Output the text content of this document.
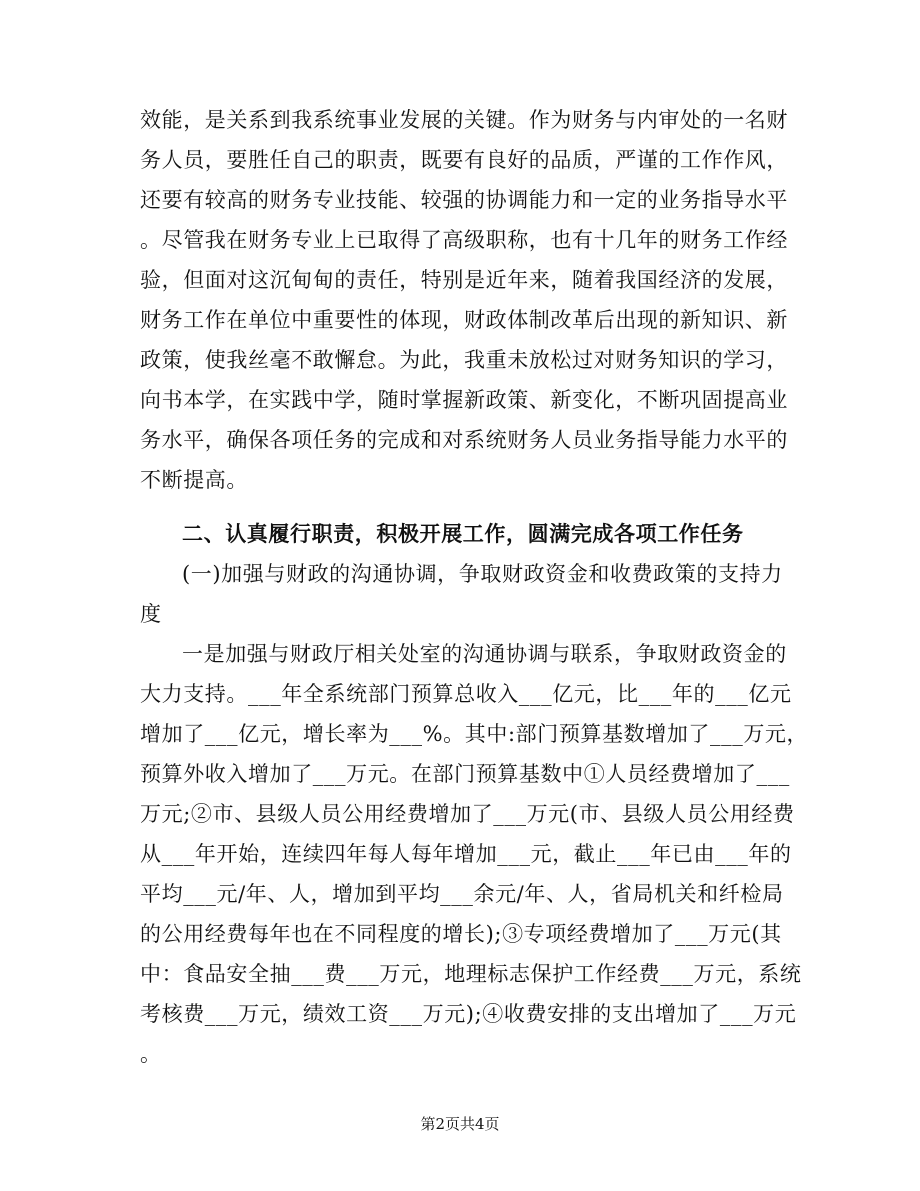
效能，是关系到我系统事业发展的关键。作为财务与内审处的一名财
务人员，要胜任自己的职责，既要有良好的品质，严谨的工作作风，
还要有较高的财务专业技能、较强的协调能力和一定的业务指导水平
。尽管我在财务专业上已取得了高级职称，也有十几年的财务工作经
验，但面对这沉甸甸的责任，特别是近年来，随着我国经济的发展，
财务工作在单位中重要性的体现，财政体制改革后出现的新知识、新
政策，使我丝毫不敢懈怠。为此，我重未放松过对财务知识的学习，
向书本学，在实践中学，随时掌握新政策、新变化，不断巩固提高业
务水平，确保各项任务的完成和对系统财务人员业务指导能力水平的
不断提高。
二、认真履行职责，积极开展工作，圆满完成各项工作任务
(一)加强与财政的沟通协调，争取财政资金和收费政策的支持力
度
一是加强与财政厅相关处室的沟通协调与联系，争取财政资金的
大力支持。___年全系统部门预算总收入___亿元，比___年的___亿元
增加了___亿元，增长率为___%。其中:部门预算基数增加了___万元，
预算外收入增加了___万元。在部门预算基数中①人员经费增加了___
万元;②市、县级人员公用经费增加了___万元(市、县级人员公用经费
从___年开始，连续四年每人每年增加___元，截止___年已由___年的
平均___元/年、人，增加到平均___余元/年、人，省局机关和纤检局
的公用经费每年也在不同程度的增长);③专项经费增加了___万元(其
中：食品安全抽___费___万元，地理标志保护工作经费___万元，系统
考核费___万元，绩效工资___万元);④收费安排的支出增加了___万元
。
第2页共4页
